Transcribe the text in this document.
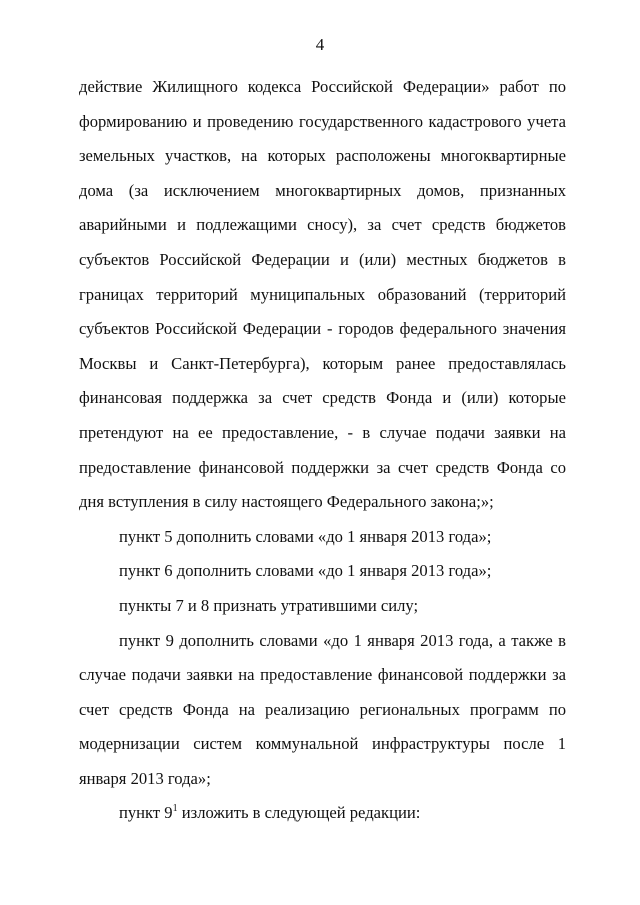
4

действие Жилищного кодекса Российской Федерации» работ по формированию и проведению государственного кадастрового учета земельных участков, на которых расположены многоквартирные дома (за исключением многоквартирных домов, признанных аварийными и подлежащими сносу), за счет средств бюджетов субъектов Российской Федерации и (или) местных бюджетов в границах территорий муниципальных образований (территорий субъектов Российской Федерации - городов федерального значения Москвы и Санкт-Петербурга), которым ранее предоставлялась финансовая поддержка за счет средств Фонда и (или) которые претендуют на ее предоставление, - в случае подачи заявки на предоставление финансовой поддержки за счет средств Фонда со дня вступления в силу настоящего Федерального закона;»;

пункт 5 дополнить словами «до 1 января 2013 года»;

пункт 6 дополнить словами «до 1 января 2013 года»;

пункты 7 и 8 признать утратившими силу;

пункт 9 дополнить словами «до 1 января 2013 года, а также в случае подачи заявки на предоставление финансовой поддержки за счет средств Фонда на реализацию региональных программ по модернизации систем коммунальной инфраструктуры после 1 января 2013 года»;

пункт $9^1$ изложить в следующей редакции:
